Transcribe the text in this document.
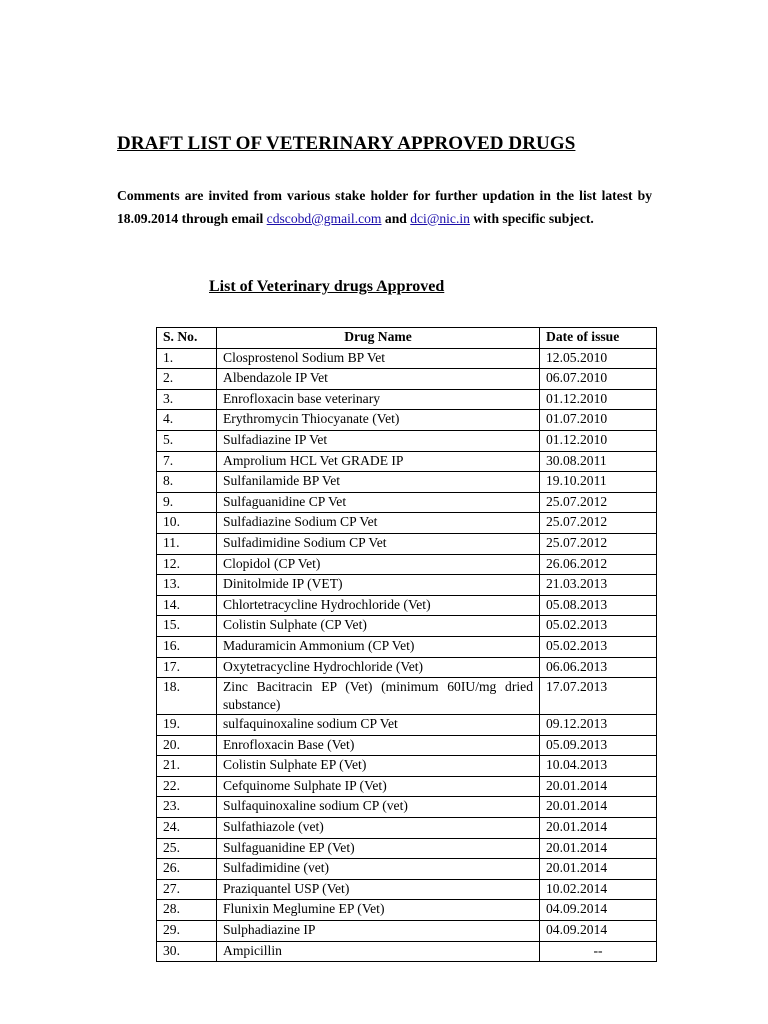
DRAFT LIST OF VETERINARY APPROVED DRUGS

Comments are invited from various stake holder for further updation in the list latest by 18.09.2014 through email cdscobd@gmail.com and dci@nic.in with specific subject.

List of Veterinary drugs Approved
S. No.	Drug Name	Date of issue
1.	Closprostenol Sodium BP Vet	12.05.2010
2.	Albendazole IP Vet	06.07.2010
3.	Enrofloxacin base veterinary	01.12.2010
4.	Erythromycin Thiocyanate (Vet)	01.07.2010
5.	Sulfadiazine IP Vet	01.12.2010
7.	Amprolium HCL Vet GRADE IP	30.08.2011
8.	Sulfanilamide BP Vet	19.10.2011
9.	Sulfaguanidine CP Vet	25.07.2012
10.	Sulfadiazine Sodium CP Vet	25.07.2012
11.	Sulfadimidine Sodium CP Vet	25.07.2012
12.	Clopidol (CP Vet)	26.06.2012
13.	Dinitolmide IP (VET)	21.03.2013
14.	Chlortetracycline Hydrochloride (Vet)	05.08.2013
15.	Colistin Sulphate (CP Vet)	05.02.2013
16.	Maduramicin Ammonium (CP Vet)	05.02.2013
17.	Oxytetracycline Hydrochloride (Vet)	06.06.2013
18.	Zinc Bacitracin EP (Vet) (minimum 60IU/mg dried substance)	17.07.2013
19.	sulfaquinoxaline sodium CP Vet	09.12.2013
20.	Enrofloxacin Base (Vet)	05.09.2013
21.	Colistin Sulphate EP (Vet)	10.04.2013
22.	Cefquinome Sulphate IP (Vet)	20.01.2014
23.	Sulfaquinoxaline sodium CP (vet)	20.01.2014
24.	Sulfathiazole (vet)	20.01.2014
25.	Sulfaguanidine EP (Vet)	20.01.2014
26.	Sulfadimidine (vet)	20.01.2014
27.	Praziquantel USP (Vet)	10.02.2014
28.	Flunixin Meglumine EP (Vet)	04.09.2014
29.	Sulphadiazine IP	04.09.2014
30.	Ampicillin	--
